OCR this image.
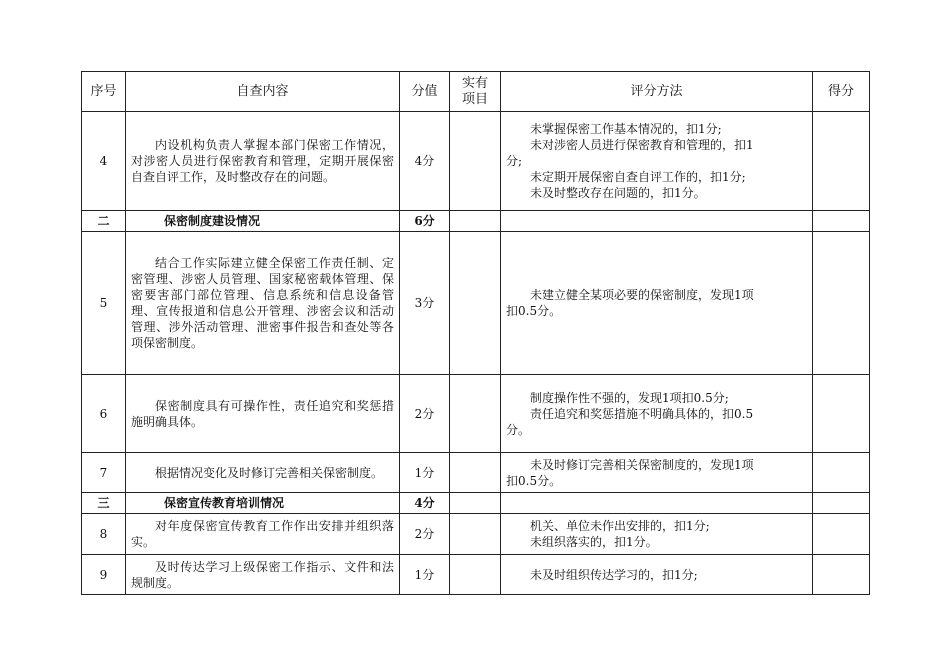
序号	自查内容	分值	实有项目	评分方法	得分
4	内设机构负责人掌握本部门保密工作情况，对涉密人员进行保密教育和管理，定期开展保密自查自评工作，及时整改存在的问题。	4分		未掌握保密工作基本情况的，扣1分;
未对涉密人员进行保密教育和管理的，扣1
分;
未定期开展保密自查自评工作的，扣1分;
未及时整改存在问题的，扣1分。	

二	保密制度建设情况	6分			
5	结合工作实际建立健全保密工作责任制、定密管理、涉密人员管理、国家秘密载体管理、保密要害部门部位管理、信息系统和信息设备管理、宣传报道和信息公开管理、涉密会议和活动管理、涉外活动管理、泄密事件报告和查处等各项保密制度。	3分		未建立健全某项必要的保密制度，发现1项
扣0.5分。	

6	保密制度具有可操作性，责任追究和奖惩措施明确具体。	2分		制度操作性不强的，发现1项扣0.5分;
责任追究和奖惩措施不明确具体的，扣0.5
分。	

7	根据情况变化及时修订完善相关保密制度。	1分		未及时修订完善相关保密制度的，发现1项
扣0.5分。	

三	保密宣传教育培训情况	4分			
8	对年度保密宣传教育工作作出安排并组织落实。	2分		机关、单位未作出安排的，扣1分;
未组织落实的，扣1分。	

9	及时传达学习上级保密工作指示、文件和法规制度。	1分		未及时组织传达学习的，扣1分;	
